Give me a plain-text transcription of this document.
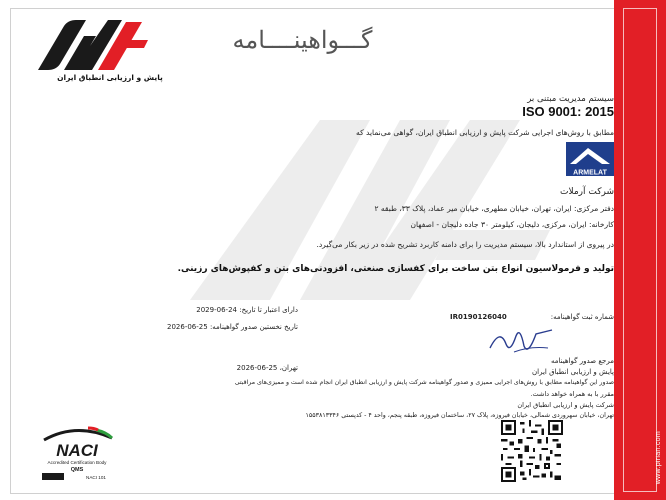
www.pirian.com
پایش و ارزیابی انطباق ایران
گـــواهینــــامه
سیستم مدیریت مبتنی بر
ISO 9001: 2015
مطابق با روش‌های اجرایی شرکت پایش و ارزیابی انطباق ایران، گواهی می‌نماید که
ARMELAT
شرکت آرملات
دفتر مرکزی: ایران، تهران، خیابان مطهری، خیابان میر عماد، پلاک ۳۳، طبقه ۲
کارخانه: ایران، مرکزی، دلیجان، کیلومتر ۳۰ جاده دلیجان - اصفهان
در پیروی از استاندارد بالا، سیستم مدیریت را برای دامنه کاربرد تشریح شده در زیر بکار می‌گیرد.
تولید و فرمولاسیون انواع بتن ساخت برای کفسازی صنعتی، افزودنی‌های بتن و کفپوش‌های رزینی.
شماره ثبت گواهینامه:
IR0190126040
دارای اعتبار تا تاریخ: 24-06-2029
تاریخ نخستین صدور گواهینامه: 25-06-2026
مرجع صدور گواهینامه
پایش و ارزیابی انطباق ایران
تهران، 25-06-2026
صدور این گواهینامه مطابق با روش‌های اجرایی ممیزی و صدور گواهینامه شرکت پایش و ارزیابی انطباق ایران انجام شده است و ممیزی‌های مراقبتی
مقرر با به همراه خواهد داشت.
شرکت پایش و ارزیابی انطباق ایران
تهران، خیابان سهروردی شمالی، خیابان فیروزه، پلاک ۲۷، ساختمان فیروزه، طبقه پنجم، واحد ۴ - کدپستی ۱۵۵۳۸۱۳۳۴۶
NACI
Accredited Certification Body
QMS
NACI 101
